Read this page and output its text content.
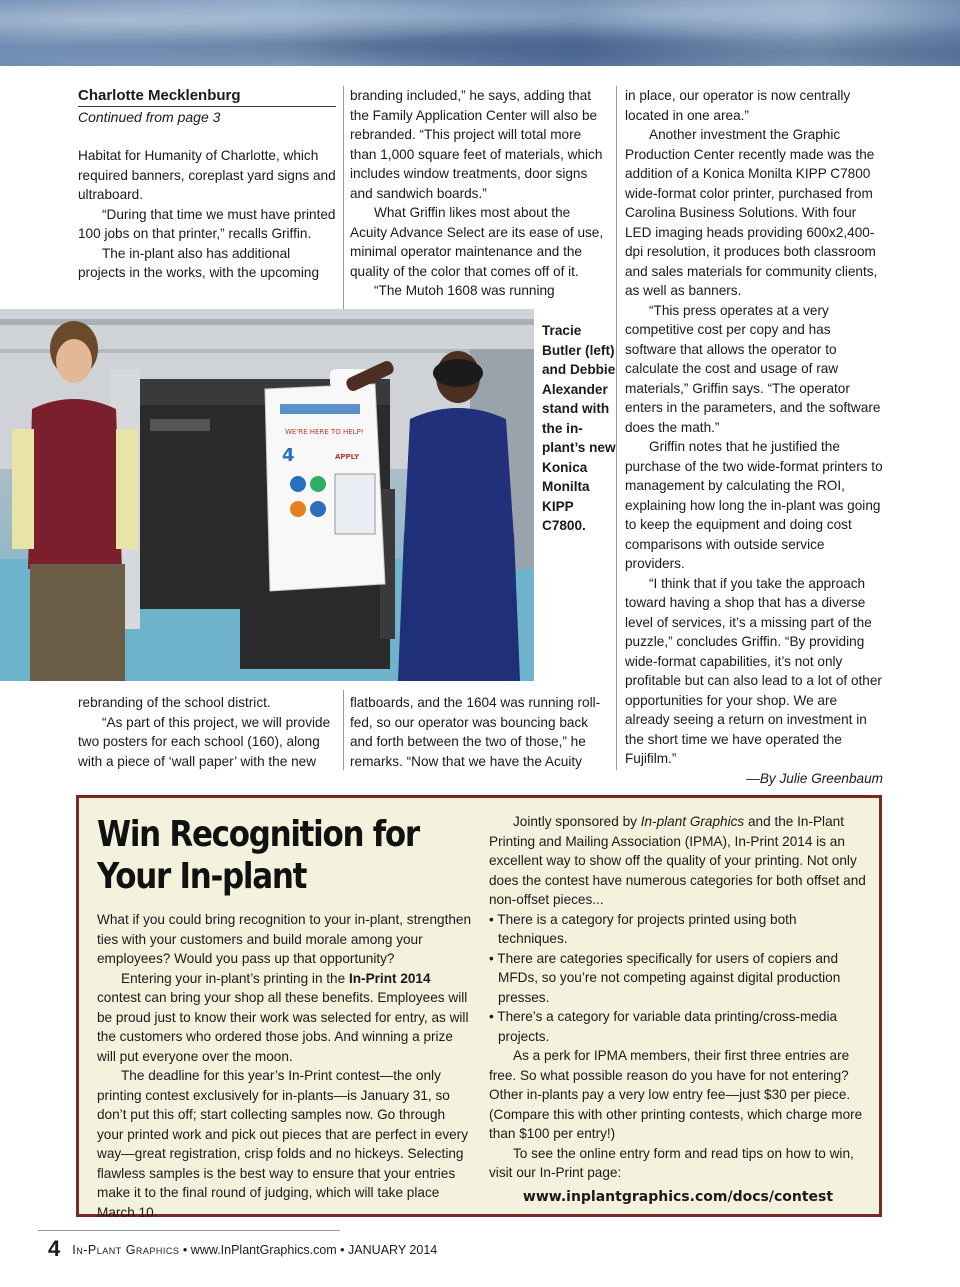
Charlotte Mecklenburg

Continued from page 3

Habitat for Humanity of Charlotte, which required banners, coreplast yard signs and ultraboard.

“During that time we must have printed 100 jobs on that printer,” recalls Griffin.

The in-plant also has additional projects in the works, with the upcoming

branding included,” he says, adding that the Family Application Center will also be rebranded. “This project will total more than 1,000 square feet of materials, which includes window treatments, door signs and sandwich boards.”

What Griffin likes most about the Acuity Advance Select are its ease of use, minimal operator maintenance and the quality of the color that comes off of it.

“The Mutoh 1608 was running

WE'RE HERE TO HELP!
4	APPLY
Tracie Butler (left) and Debbie Alexander stand with the in-plant’s new Konica Monilta KIPP C7800.

rebranding of the school district.

“As part of this project, we will provide two posters for each school (160), along with a piece of ‘wall paper’ with the new

flatboards, and the 1604 was running roll-fed, so our operator was bouncing back and forth between the two of those,” he remarks. “Now that we have the Acuity

in place, our operator is now centrally located in one area.”

Another investment the Graphic Production Center recently made was the addition of a Konica Monilta KIPP C7800 wide-format color printer, purchased from Carolina Business Solutions. With four LED imaging heads providing 600x2,400-dpi resolution, it produces both classroom and sales materials for community clients, as well as banners.

“This press operates at a very competitive cost per copy and has software that allows the operator to calculate the cost and usage of raw materials,” Griffin says. “The operator enters in the parameters, and the software does the math.”

Griffin notes that he justified the purchase of the two wide-format printers to management by calculating the ROI, explaining how long the in-plant was going to keep the equipment and doing cost comparisons with outside service providers.

“I think that if you take the approach toward having a shop that has a diverse level of services, it’s a missing part of the puzzle,” concludes Griffin. “By providing wide-format capabilities, it’s not only profitable but can also lead to a lot of other opportunities for your shop. We are already seeing a return on investment in the short time we have operated the Fujifilm.”

—By Julie Greenbaum

Win Recognition for
Your In-plant

What if you could bring recognition to your in-plant, strengthen ties with your customers and build morale among your employees? Would you pass up that opportunity?

Entering your in-plant’s printing in the In-Print 2014 contest can bring your shop all these benefits. Employees will be proud just to know their work was selected for entry, as will the customers who ordered those jobs. And winning a prize will put everyone over the moon.

The deadline for this year’s In-Print contest—the only printing contest exclusively for in-plants—is January 31, so don’t put this off; start collecting samples now. Go through your printed work and pick out pieces that are perfect in every way—great registration, crisp folds and no hickeys. Selecting flawless samples is the best way to ensure that your entries make it to the final round of judging, which will take place March 10.

Jointly sponsored by In-plant Graphics and the In-Plant Printing and Mailing Association (IPMA), In-Print 2014 is an excellent way to show off the quality of your printing. Not only does the contest have numerous categories for both offset and non-offset pieces...

• There is a category for projects printed using both techniques.

• There are categories specifically for users of copiers and MFDs, so you’re not competing against digital production presses.

• There’s a category for variable data printing/cross-media projects.

As a perk for IPMA members, their first three entries are free. So what possible reason do you have for not entering? Other in-plants pay a very low entry fee—just $30 per piece. (Compare this with other printing contests, which charge more than $100 per entry!)

To see the online entry form and read tips on how to win, visit our In-Print page:

www.inplantgraphics.com/docs/contest

4 In-Plant Graphics • www.InPlantGraphics.com • JANUARY 2014
